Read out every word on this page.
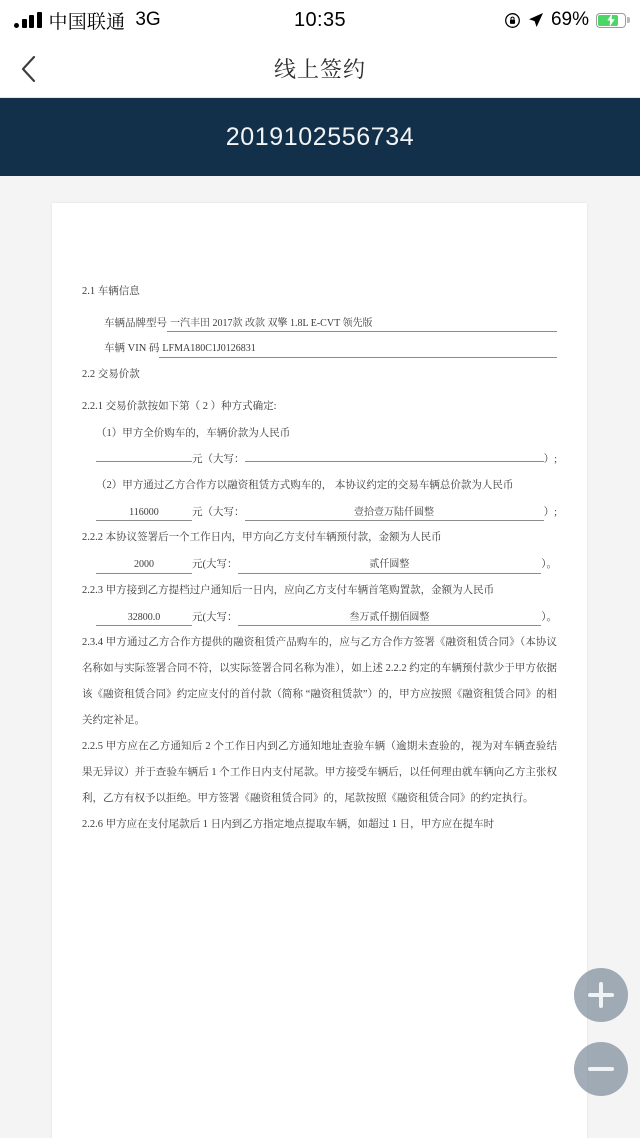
中国联通 3G	10:35	69%
线上签约
2019102556734
2.1 车辆信息
车辆品牌型号 一汽丰田 2017款 改款 双擎 1.8L E-CVT 领先版
车辆 VIN 码 LFMA180C1J0126831
2.2 交易价款
2.2.1 交易价款按如下第（ 2 ）种方式确定:
（1）甲方全价购车的，车辆价款为人民币
元（大写：	）;
（2）甲方通过乙方合作方以融资租赁方式购车的， 本协议约定的交易车辆总价款为人民币
116000	元（大写：	壹拾壹万陆仟圆整	）;
2.2.2 本协议签署后一个工作日内，甲方向乙方支付车辆预付款，金额为人民币
2000	元(大写：	贰仟圆整	）。
2.2.3 甲方接到乙方提档过户通知后一日内，应向乙方支付车辆首笔购置款，金额为人民币
32800.0	元(大写：	叁万贰仟捌佰圆整	）。
2.3.4 甲方通过乙方合作方提供的融资租赁产品购车的，应与乙方合作方签署《融资租赁合同》（本协议名称如与实际签署合同不符，以实际签署合同名称为准），如上述 2.2.2 约定的车辆预付款少于甲方依据该《融资租赁合同》约定应支付的首付款（简称 “融资租赁款”）的，甲方应按照《融资租赁合同》的相关约定补足。
2.2.5 甲方应在乙方通知后 2 个工作日内到乙方通知地址查验车辆（逾期未查验的，视为对车辆查验结果无异议）并于查验车辆后 1 个工作日内支付尾款。甲方接受车辆后，以任何理由就车辆向乙方主张权利，乙方有权予以拒绝。甲方签署《融资租赁合同》的，尾款按照《融资租赁合同》的约定执行。
2.2.6 甲方应在支付尾款后 1 日内到乙方指定地点提取车辆，如超过 1 日，甲方应在提车时
